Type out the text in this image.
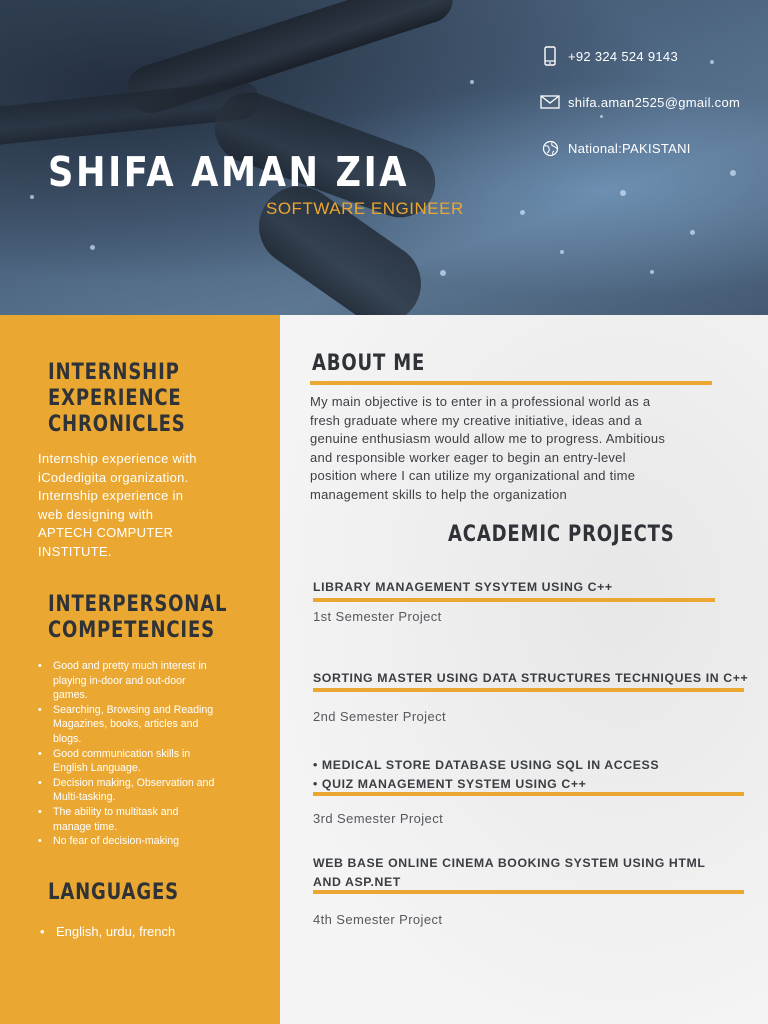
SHIFA AMAN ZIA
SOFTWARE ENGINEER
+92 324 524 9143
shifa.aman2525@gmail.com
National:PAKISTANI
INTERNSHIP
EXPERIENCE
CHRONICLES
Internship experience with
iCodedigita organization.
Internship experience in
web designing with
APTECH COMPUTER
INSTITUTE.
INTERPERSONAL
COMPETENCIES
• Good and pretty much interest in
playing in-door and out-door
games.
• Searching, Browsing and Reading
Magazines, books, articles and
blogs.
• Good communication skills in
English Language.
• Decision making, Observation and
Multi-tasking.
• The ability to multitask and
manage time.
• No fear of decision-making
LANGUAGES
• English, urdu, french
ABOUT ME
My main objective is to enter in a professional world as a
fresh graduate where my creative initiative, ideas and a
genuine enthusiasm would allow me to progress. Ambitious
and responsible worker eager to begin an entry-level
position where I can utilize my organizational and time
management skills to help the organization
ACADEMIC PROJECTS
LIBRARY MANAGEMENT SYSYTEM USING C++
1st Semester Project
SORTING MASTER USING DATA STRUCTURES TECHNIQUES IN C++
2nd Semester Project
• MEDICAL STORE DATABASE USING SQL IN ACCESS
• QUIZ MANAGEMENT SYSTEM USING C++
3rd Semester Project
WEB BASE ONLINE CINEMA BOOKING SYSTEM USING HTML
AND ASP.NET
4th Semester Project
